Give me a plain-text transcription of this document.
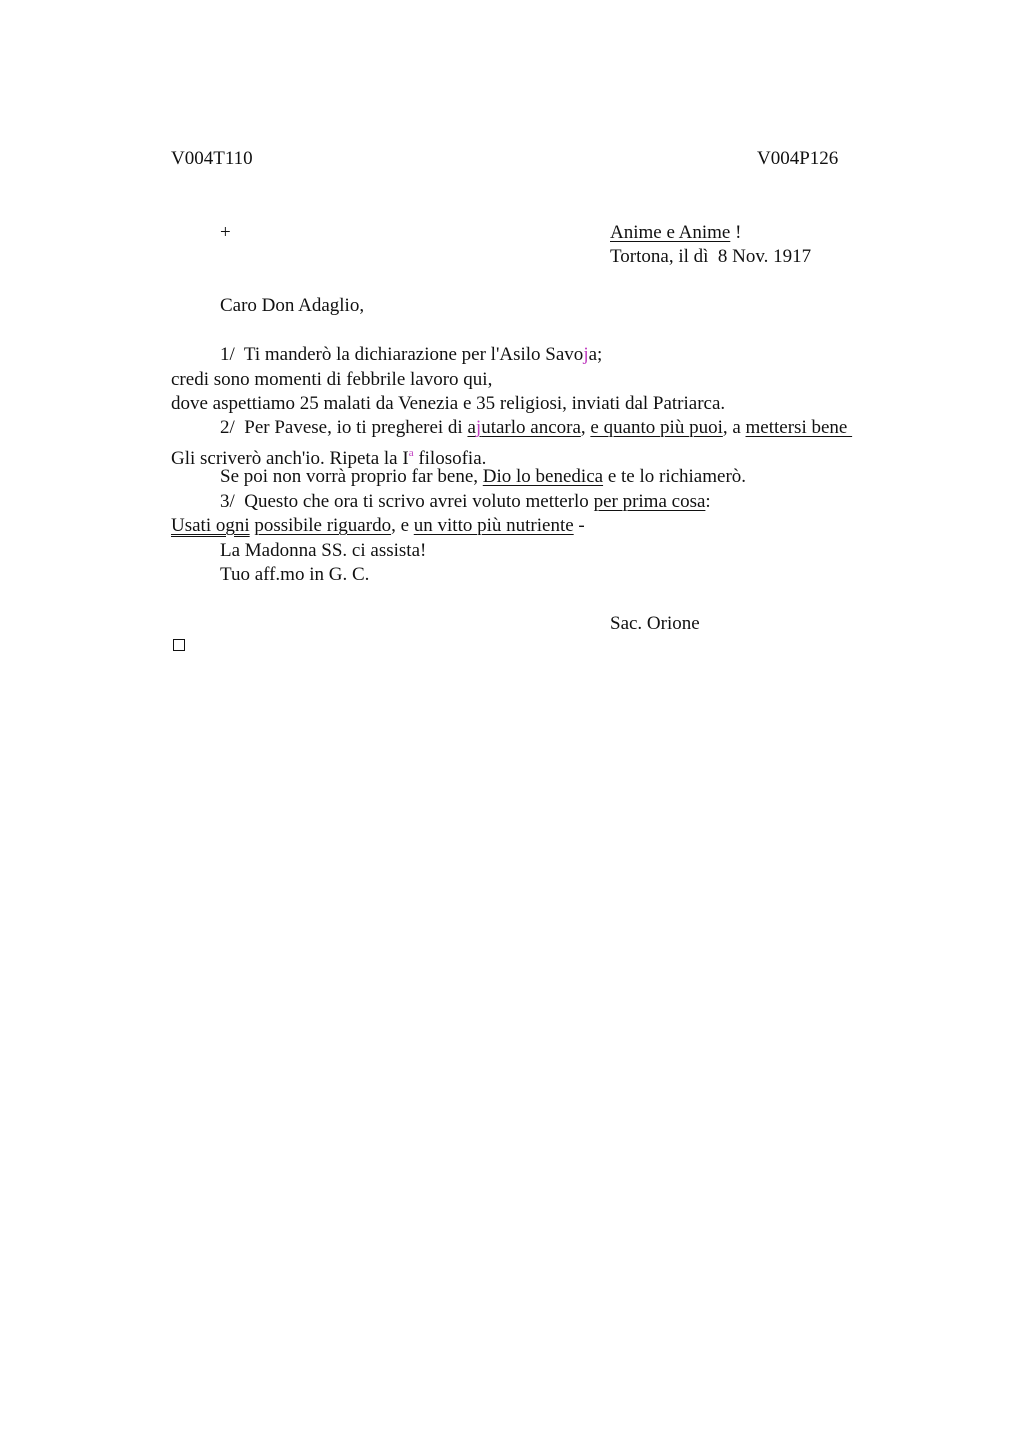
V004T110	V004P126
+	Anime e Anime !
Tortona, il dì  8 Nov. 1917
Caro Don Adaglio,
1/  Ti manderò la dichiarazione per l'Asilo Savoja;
credi sono momenti di febbrile lavoro qui,
dove aspettiamo 25 malati da Venezia e 35 religiosi, inviati dal Patriarca.
2/  Per Pavese, io ti pregherei di ajutarlo ancora, e quanto più puoi, a mettersi bene
Gli scriverò anch'io. Ripeta la $I^a$ filosofia.
Se poi non vorrà proprio far bene, Dio lo benedica e te lo richiamerò.
3/  Questo che ora ti scrivo avrei voluto metterlo per prima cosa:
Usati ogni possibile riguardo, e un vitto più nutriente -
La Madonna SS. ci assista!
Tuo aff.mo in G. C.
Sac. Orione
